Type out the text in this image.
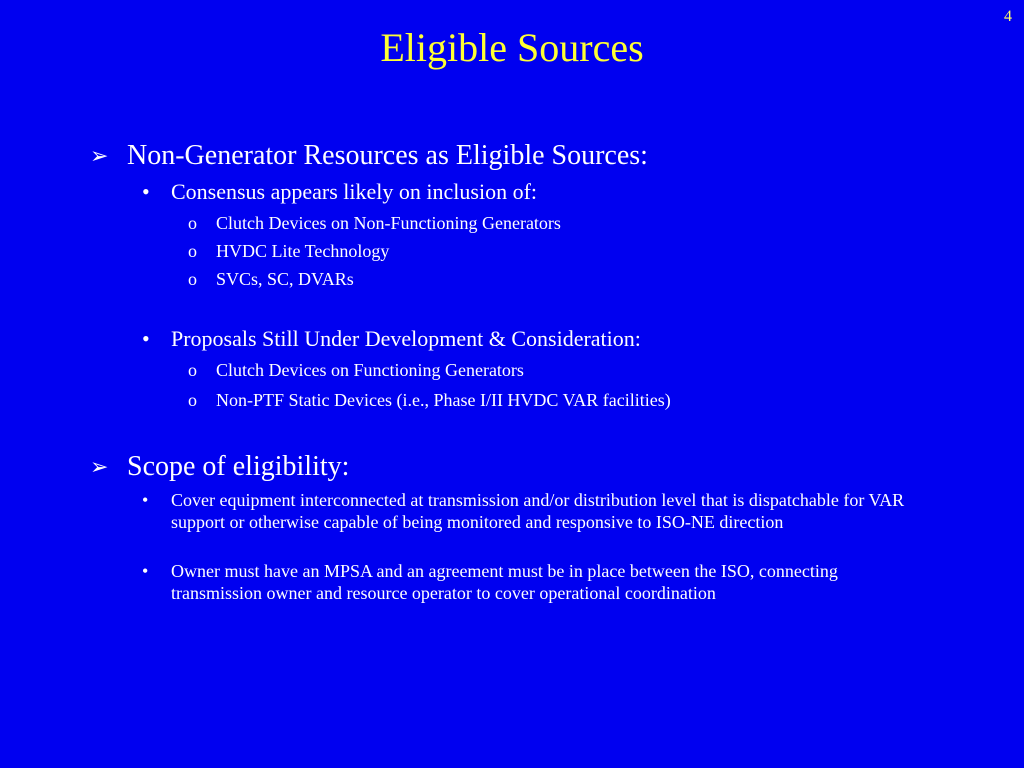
4
Eligible Sources
➢ Non-Generator Resources as Eligible Sources:
• Consensus appears likely on inclusion of:
o Clutch Devices on Non-Functioning Generators
o HVDC Lite Technology
o SVCs, SC, DVARs
• Proposals Still Under Development & Consideration:
o Clutch Devices on Functioning Generators
o Non-PTF Static Devices (i.e., Phase I/II HVDC VAR facilities)
➢ Scope of eligibility:
• Cover equipment interconnected at transmission and/or distribution level that is dispatchable for VAR support or otherwise capable of being monitored and responsive to ISO-NE direction
• Owner must have an MPSA and an agreement must be in place between the ISO, connecting transmission owner and resource operator to cover operational coordination
